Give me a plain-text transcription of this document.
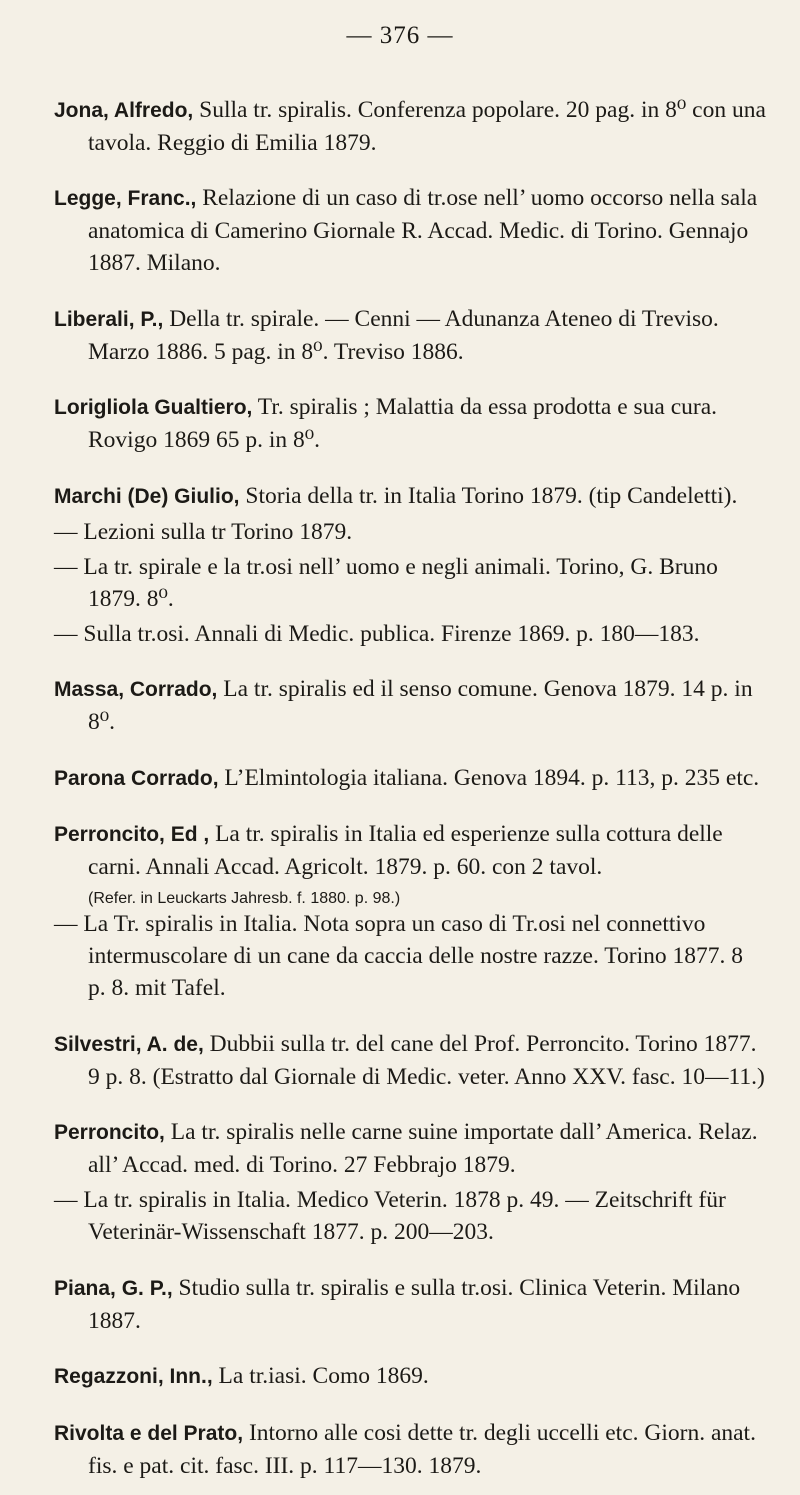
— 376 —

Jona, Alfredo, Sulla tr. spiralis. Conferenza popolare. 20 pag. in 8⁰ con una tavola. Reggio di Emilia 1879.

Legge, Franc., Relazione di un caso di tr.ose nell’ uomo occorso nella sala anatomica di Camerino Giornale R. Accad. Medic. di Torino. Gennajo 1887. Milano.

Liberali, P., Della tr. spirale. — Cenni — Adunanza Ateneo di Treviso. Marzo 1886. 5 pag. in 8⁰. Treviso 1886.

Lorigliola Gualtiero, Tr. spiralis ; Malattia da essa prodotta e sua cura. Rovigo 1869 65 p. in 8⁰.

Marchi (De) Giulio, Storia della tr. in Italia Torino 1879. (tip Candeletti).

— Lezioni sulla tr Torino 1879.

— La tr. spirale e la tr.osi nell’ uomo e negli animali. Torino, G. Bruno 1879. 8⁰.

— Sulla tr.osi. Annali di Medic. publica. Firenze 1869. p. 180—183.

Massa, Corrado, La tr. spiralis ed il senso comune. Genova 1879. 14 p. in 8⁰.

Parona Corrado, L’Elmintologia italiana. Genova 1894. p. 113, p. 235 etc.

Perroncito, Ed , La tr. spiralis in Italia ed esperienze sulla cottura delle carni. Annali Accad. Agricolt. 1879. p. 60. con 2 tavol.

(Refer. in Leuckarts Jahresb. f. 1880. p. 98.)

— La Tr. spiralis in Italia. Nota sopra un caso di Tr.osi nel connettivo intermuscolare di un cane da caccia delle nostre razze. Torino 1877. 8 p. 8. mit Tafel.

Silvestri, A. de, Dubbii sulla tr. del cane del Prof. Perroncito. Torino 1877. 9 p. 8. (Estratto dal Giornale di Medic. veter. Anno XXV. fasc. 10—11.)

Perroncito, La tr. spiralis nelle carne suine importate dall’ America. Relaz. all’ Accad. med. di Torino. 27 Febbrajo 1879.

— La tr. spiralis in Italia. Medico Veterin. 1878 p. 49. — Zeitschrift für Veterinär-Wissenschaft 1877. p. 200—203.

Piana, G. P., Studio sulla tr. spiralis e sulla tr.osi. Clinica Veterin. Milano 1887.

Regazzoni, Inn., La tr.iasi. Como 1869.

Rivolta e del Prato, Intorno alle cosi dette tr. degli uccelli etc. Giorn. anat. fis. e pat. cit. fasc. III. p. 117—130. 1879.
